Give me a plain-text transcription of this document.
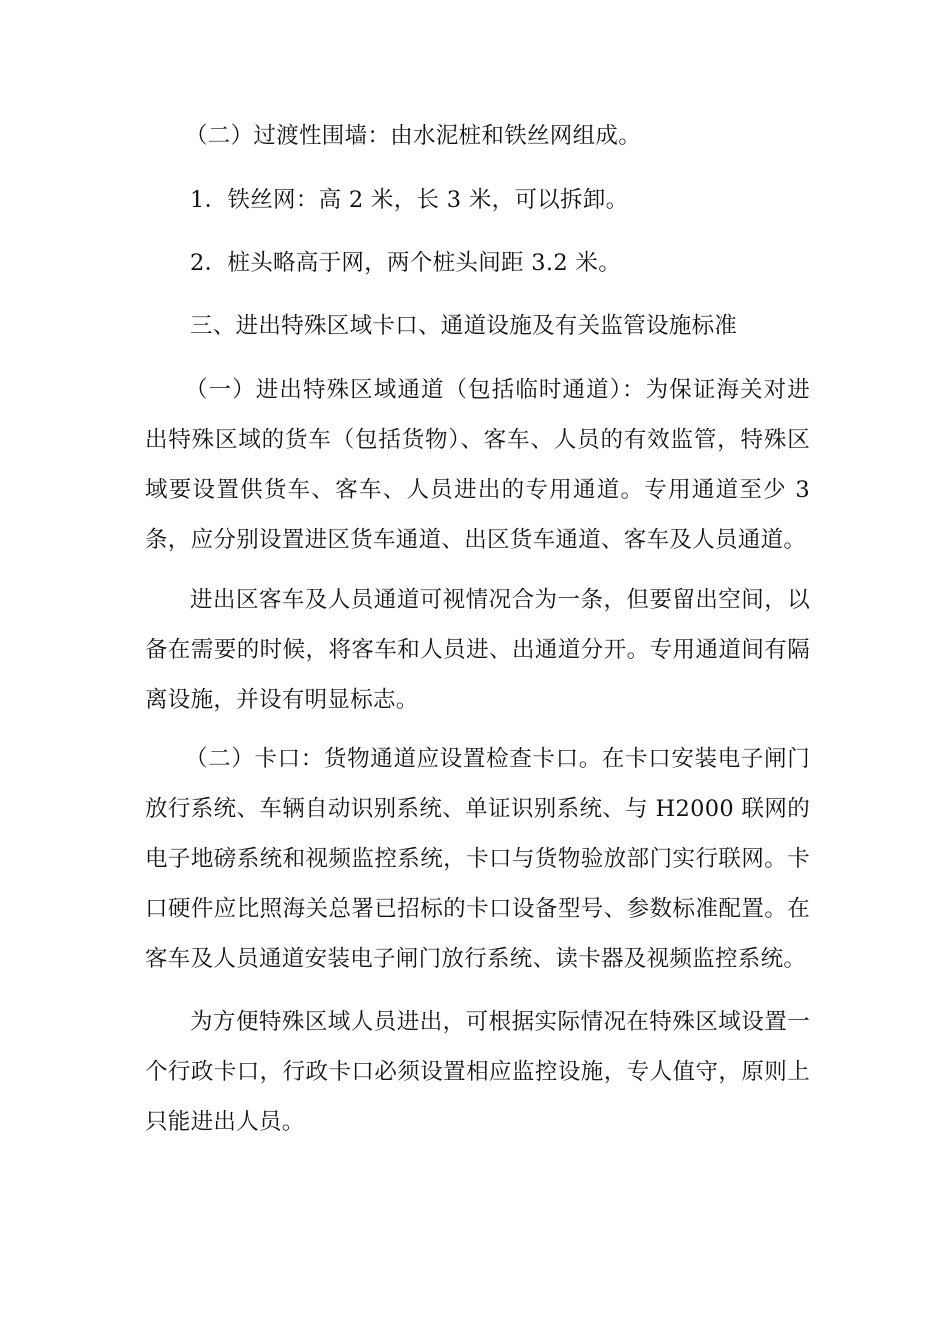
（二）过渡性围墙：由水泥桩和铁丝网组成。

1．铁丝网：高 2 米，长 3 米，可以拆卸。

2．桩头略高于网，两个桩头间距 3.2 米。

三、进出特殊区域卡口、通道设施及有关监管设施标准

（一）进出特殊区域通道（包括临时通道）：为保证海关对进出特殊区域的货车（包括货物）、客车、人员的有效监管，特殊区域要设置供货车、客车、人员进出的专用通道。专用通道至少 3 条，应分别设置进区货车通道、出区货车通道、客车及人员通道。

进出区客车及人员通道可视情况合为一条，但要留出空间，以备在需要的时候，将客车和人员进、出通道分开。专用通道间有隔离设施，并设有明显标志。

（二）卡口：货物通道应设置检查卡口。在卡口安装电子闸门放行系统、车辆自动识别系统、单证识别系统、与 H2000 联网的电子地磅系统和视频监控系统，卡口与货物验放部门实行联网。卡口硬件应比照海关总署已招标的卡口设备型号、参数标准配置。在客车及人员通道安装电子闸门放行系统、读卡器及视频监控系统。

为方便特殊区域人员进出，可根据实际情况在特殊区域设置一个行政卡口，行政卡口必须设置相应监控设施，专人值守，原则上只能进出人员。
